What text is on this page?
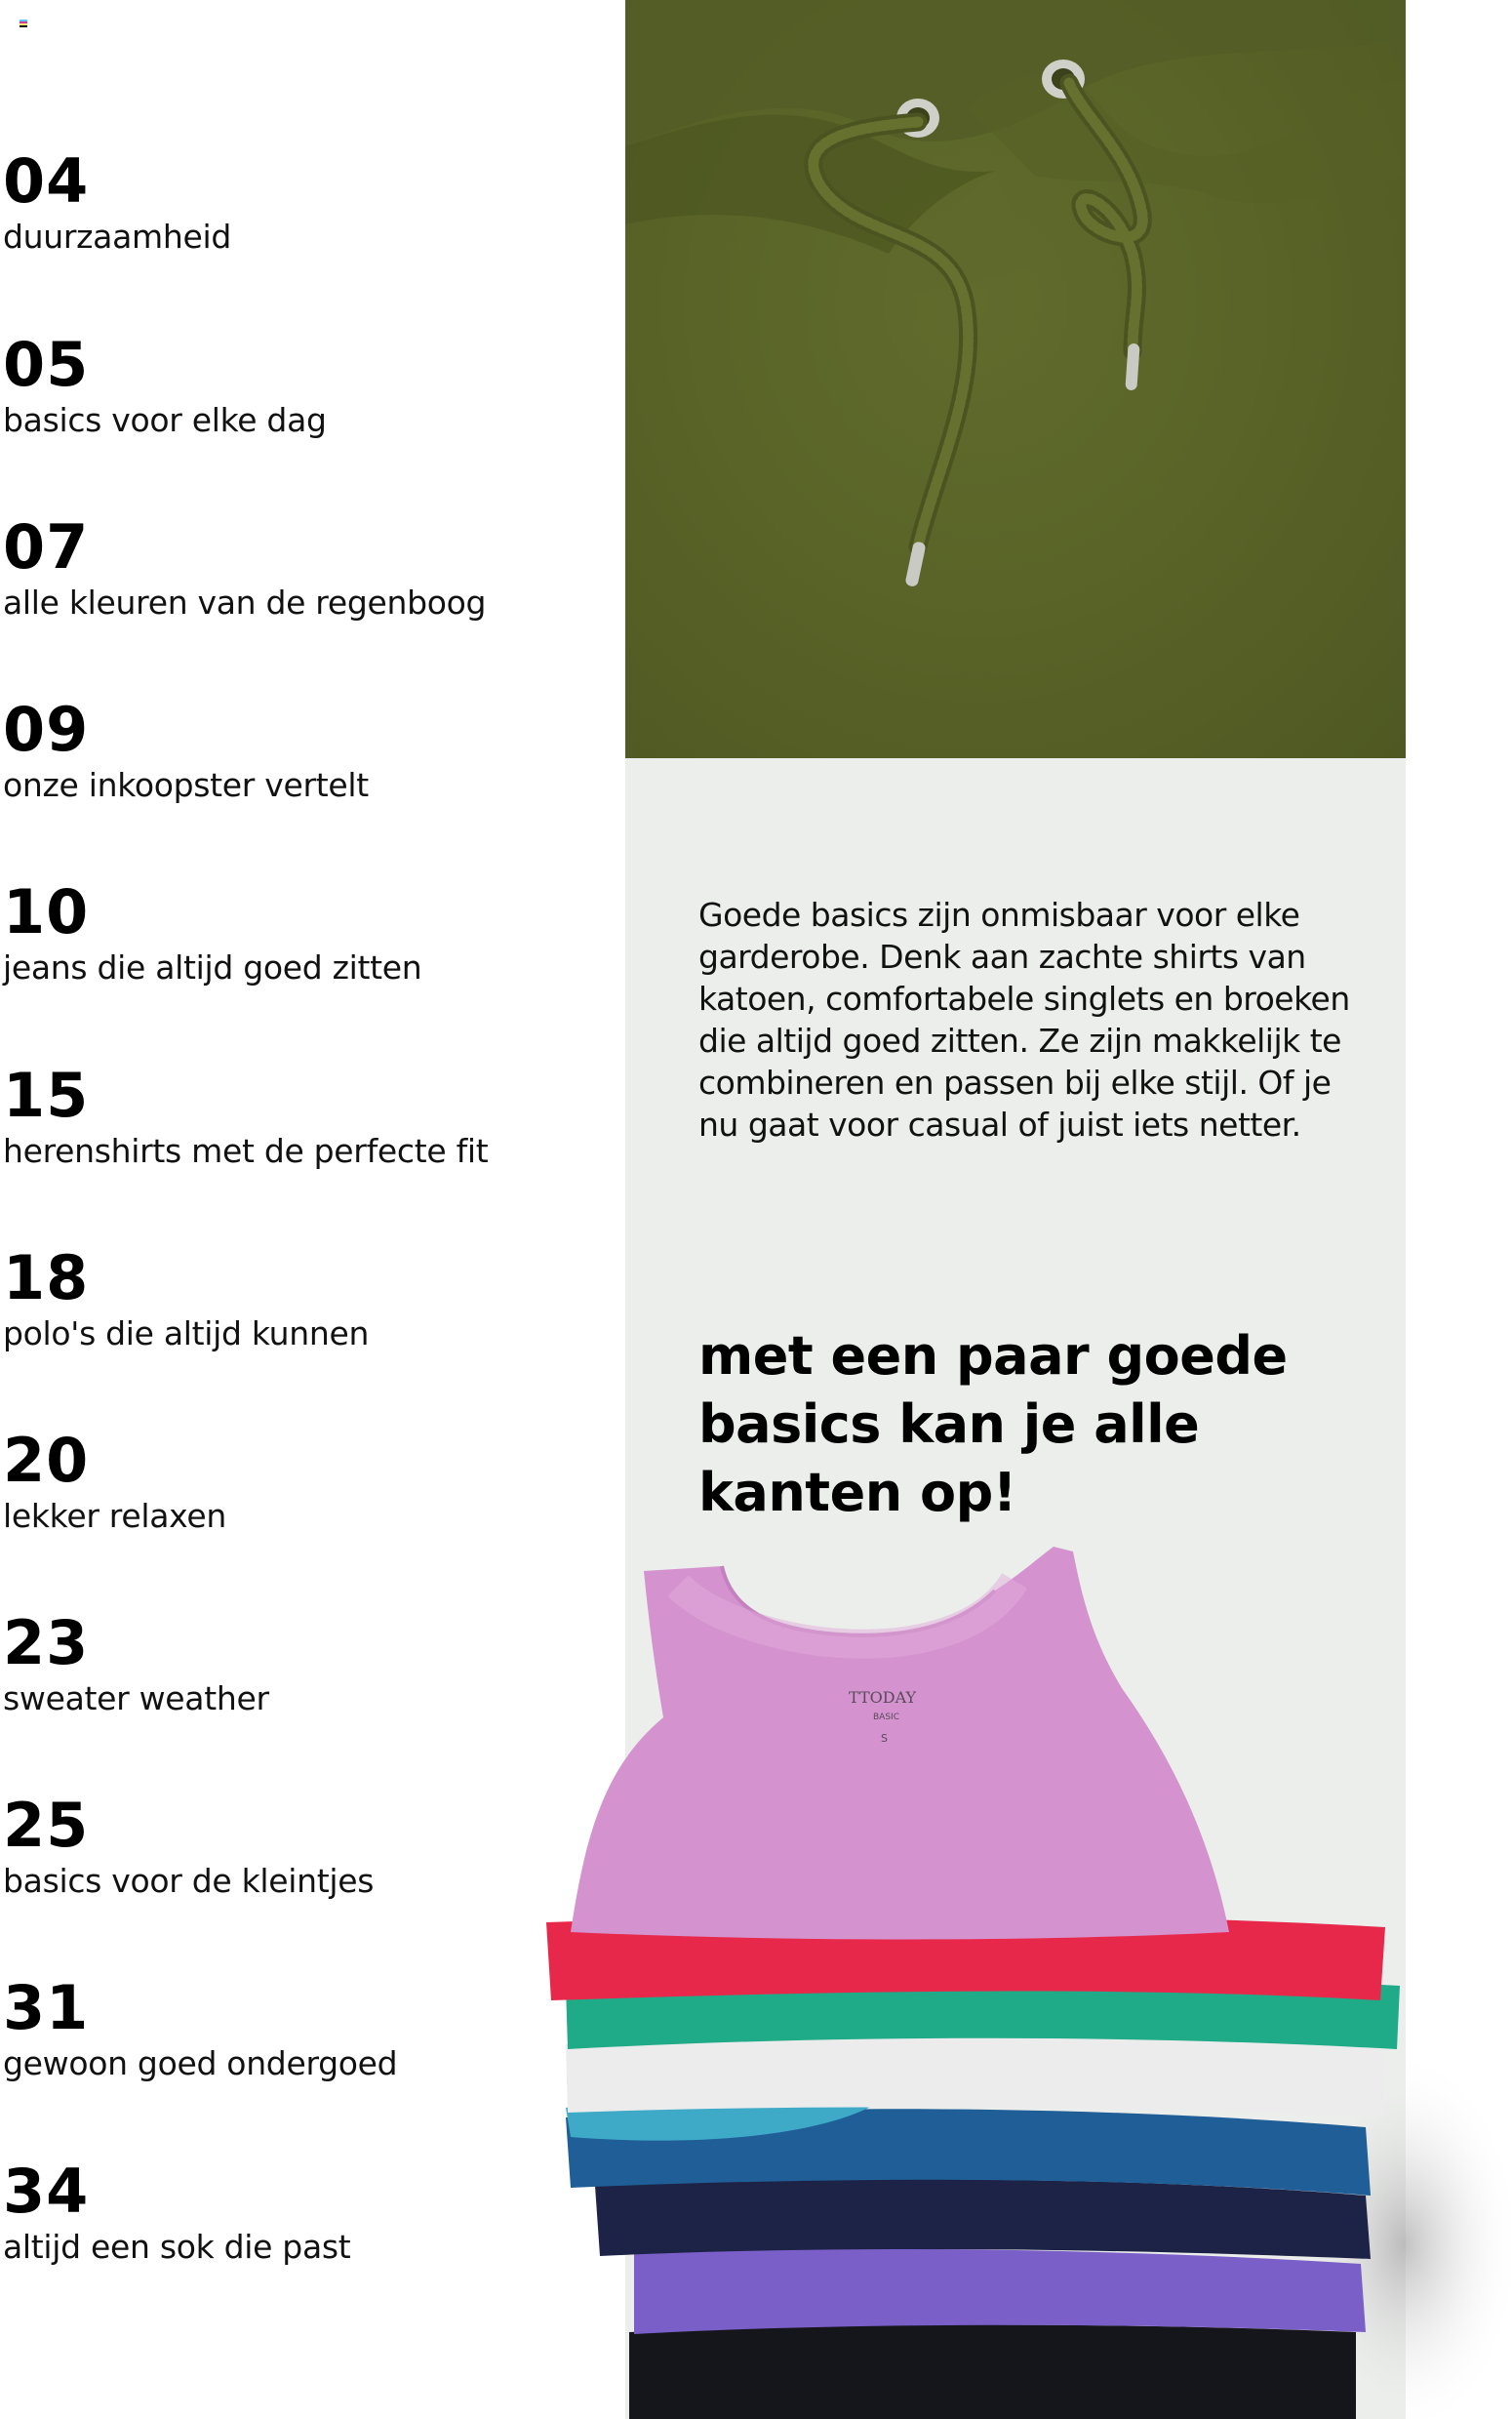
04
duurzaamheid
05
basics voor elke dag
07
alle kleuren van de regenboog
09
onze inkoopster vertelt
10
jeans die altijd goed zitten
15
herenshirts met de perfecte fit
18
polo's die altijd kunnen
20
lekker relaxen
23
sweater weather
25
basics voor de kleintjes
31
gewoon goed ondergoed
34
altijd een sok die past

Goede basics zijn onmisbaar voor elke garderobe. Denk aan zachte shirts van katoen, comfortabele singlets en broeken die altijd goed zitten. Ze zijn makkelijk te combineren en passen bij elke stijl. Of je nu gaat voor casual of juist iets netter.

met een paar goede basics kan je alle kanten op!
TTODAY
BASIC
S
